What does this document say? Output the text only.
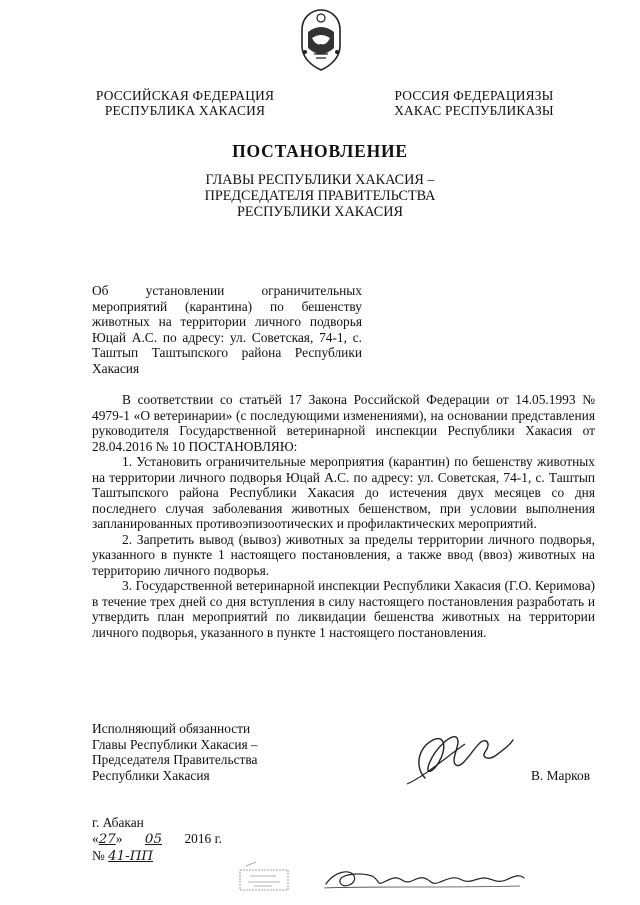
РОССИЙСКАЯ ФЕДЕРАЦИЯ
РЕСПУБЛИКА ХАКАСИЯ
РОССИЯ ФЕДЕРАЦИЯЗЫ
ХАКАС РЕСПУБЛИКАЗЫ
ПОСТАНОВЛЕНИЕ
ГЛАВЫ РЕСПУБЛИКИ ХАКАСИЯ –
ПРЕДСЕДАТЕЛЯ ПРАВИТЕЛЬСТВА
РЕСПУБЛИКИ ХАКАСИЯ
Об установлении ограничительных мероприятий (карантина) по бешенству животных на территории личного подворья Юцай А.С. по адресу: ул. Советская, 74-1, с. Таштып Таштыпского района Республики Хакасия

В соответствии со статьёй 17 Закона Российской Федерации от 14.05.1993 № 4979-1 «О ветеринарии» (с последующими изменениями), на основании представления руководителя Государственной ветеринарной инспекции Республики Хакасия от 28.04.2016 № 10 ПОСТАНОВЛЯЮ:

1. Установить ограничительные мероприятия (карантин) по бешенству животных на территории личного подворья Юцай А.С. по адресу: ул. Советская, 74-1, с. Таштып Таштыпского района Республики Хакасия до истечения двух месяцев со дня последнего случая заболевания животных бешенством, при условии выполнения запланированных противоэпизоотических и профилактических мероприятий.

2. Запретить вывод (вывоз) животных за пределы территории личного подворья, указанного в пункте 1 настоящего постановления, а также ввод (ввоз) животных на территорию личного подворья.

3. Государственной ветеринарной инспекции Республики Хакасия (Г.О. Керимова) в течение трех дней со дня вступления в силу настоящего постановления разработать и утвердить план мероприятий по ликвидации бешенства животных на территории личного подворья, указанного в пункте 1 настоящего постановления.

Исполняющий обязанности
Главы Республики Хакасия –
Председателя Правительства
Республики Хакасия	В. Марков
г. Абакан
«27» 05 2016 г.
№ 41-ПП
